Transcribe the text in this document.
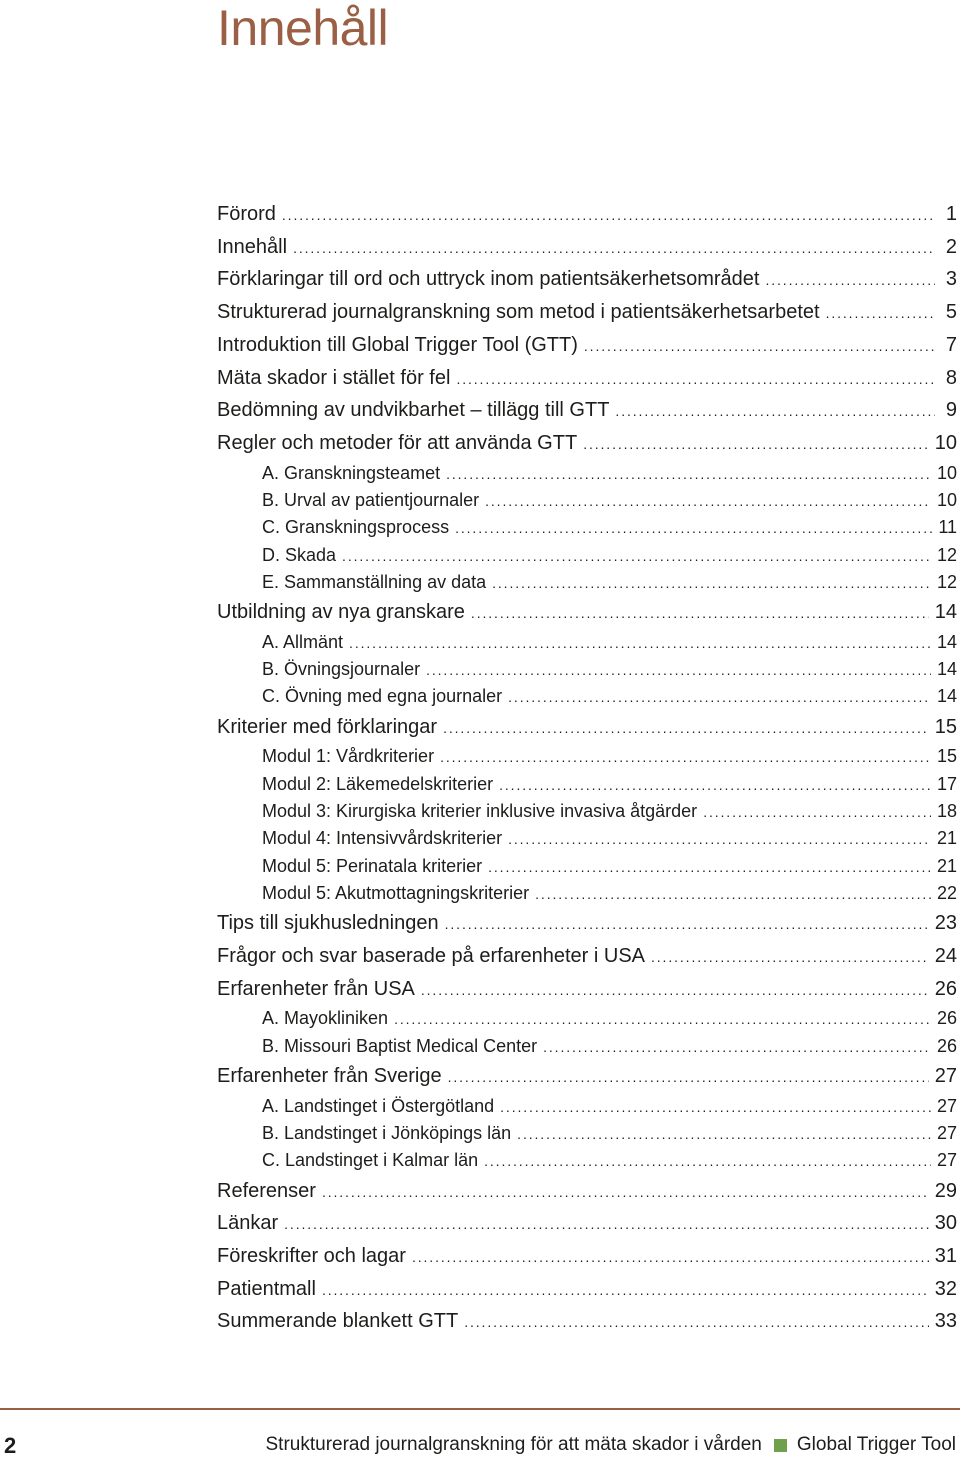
Innehåll
Förord . . .	1
Innehåll . . .	2
Förklaringar till ord och uttryck inom patientsäkerhetsområdet . . .	3
Strukturerad journalgranskning som metod i patientsäkerhetsarbetet . . .	5
Introduktion till Global Trigger Tool (GTT) . . .	7
Mäta skador i stället för fel . . .	8
Bedömning av undvikbarhet – tillägg till GTT . . .	9
Regler och metoder för att använda GTT . . .	10
A. Granskningsteamet . . .	10
B. Urval av patientjournaler . . .	10
C. Granskningsprocess . . .	11
D. Skada . . .	12
E. Sammanställning av data . . .	12
Utbildning av nya granskare . . .	14
A. Allmänt . . .	14
B. Övningsjournaler . . .	14
C. Övning med egna journaler . . .	14
Kriterier med förklaringar . . .	15
Modul 1: Vårdkriterier . . .	15
Modul 2: Läkemedelskriterier . . .	17
Modul 3: Kirurgiska kriterier inklusive invasiva åtgärder . . .	18
Modul 4: Intensivvårdskriterier . . .	21
Modul 5: Perinatala kriterier . . .	21
Modul 5: Akutmottagningskriterier . . .	22
Tips till sjukhusledningen . . .	23
Frågor och svar baserade på erfarenheter i USA . . .	24
Erfarenheter från USA . . .	26
A. Mayokliniken . . .	26
B. Missouri Baptist Medical Center . . .	26
Erfarenheter från Sverige . . .	27
A. Landstinget i Östergötland . . .	27
B. Landstinget i Jönköpings län . . .	27
C. Landstinget i Kalmar län . . .	27
Referenser . . .	29
Länkar . . .	30
Föreskrifter och lagar . . .	31
Patientmall . . .	32
Summerande blankett GTT . . .	33
2	Strukturerad journalgranskning för att mäta skador i vården Global Trigger Tool
